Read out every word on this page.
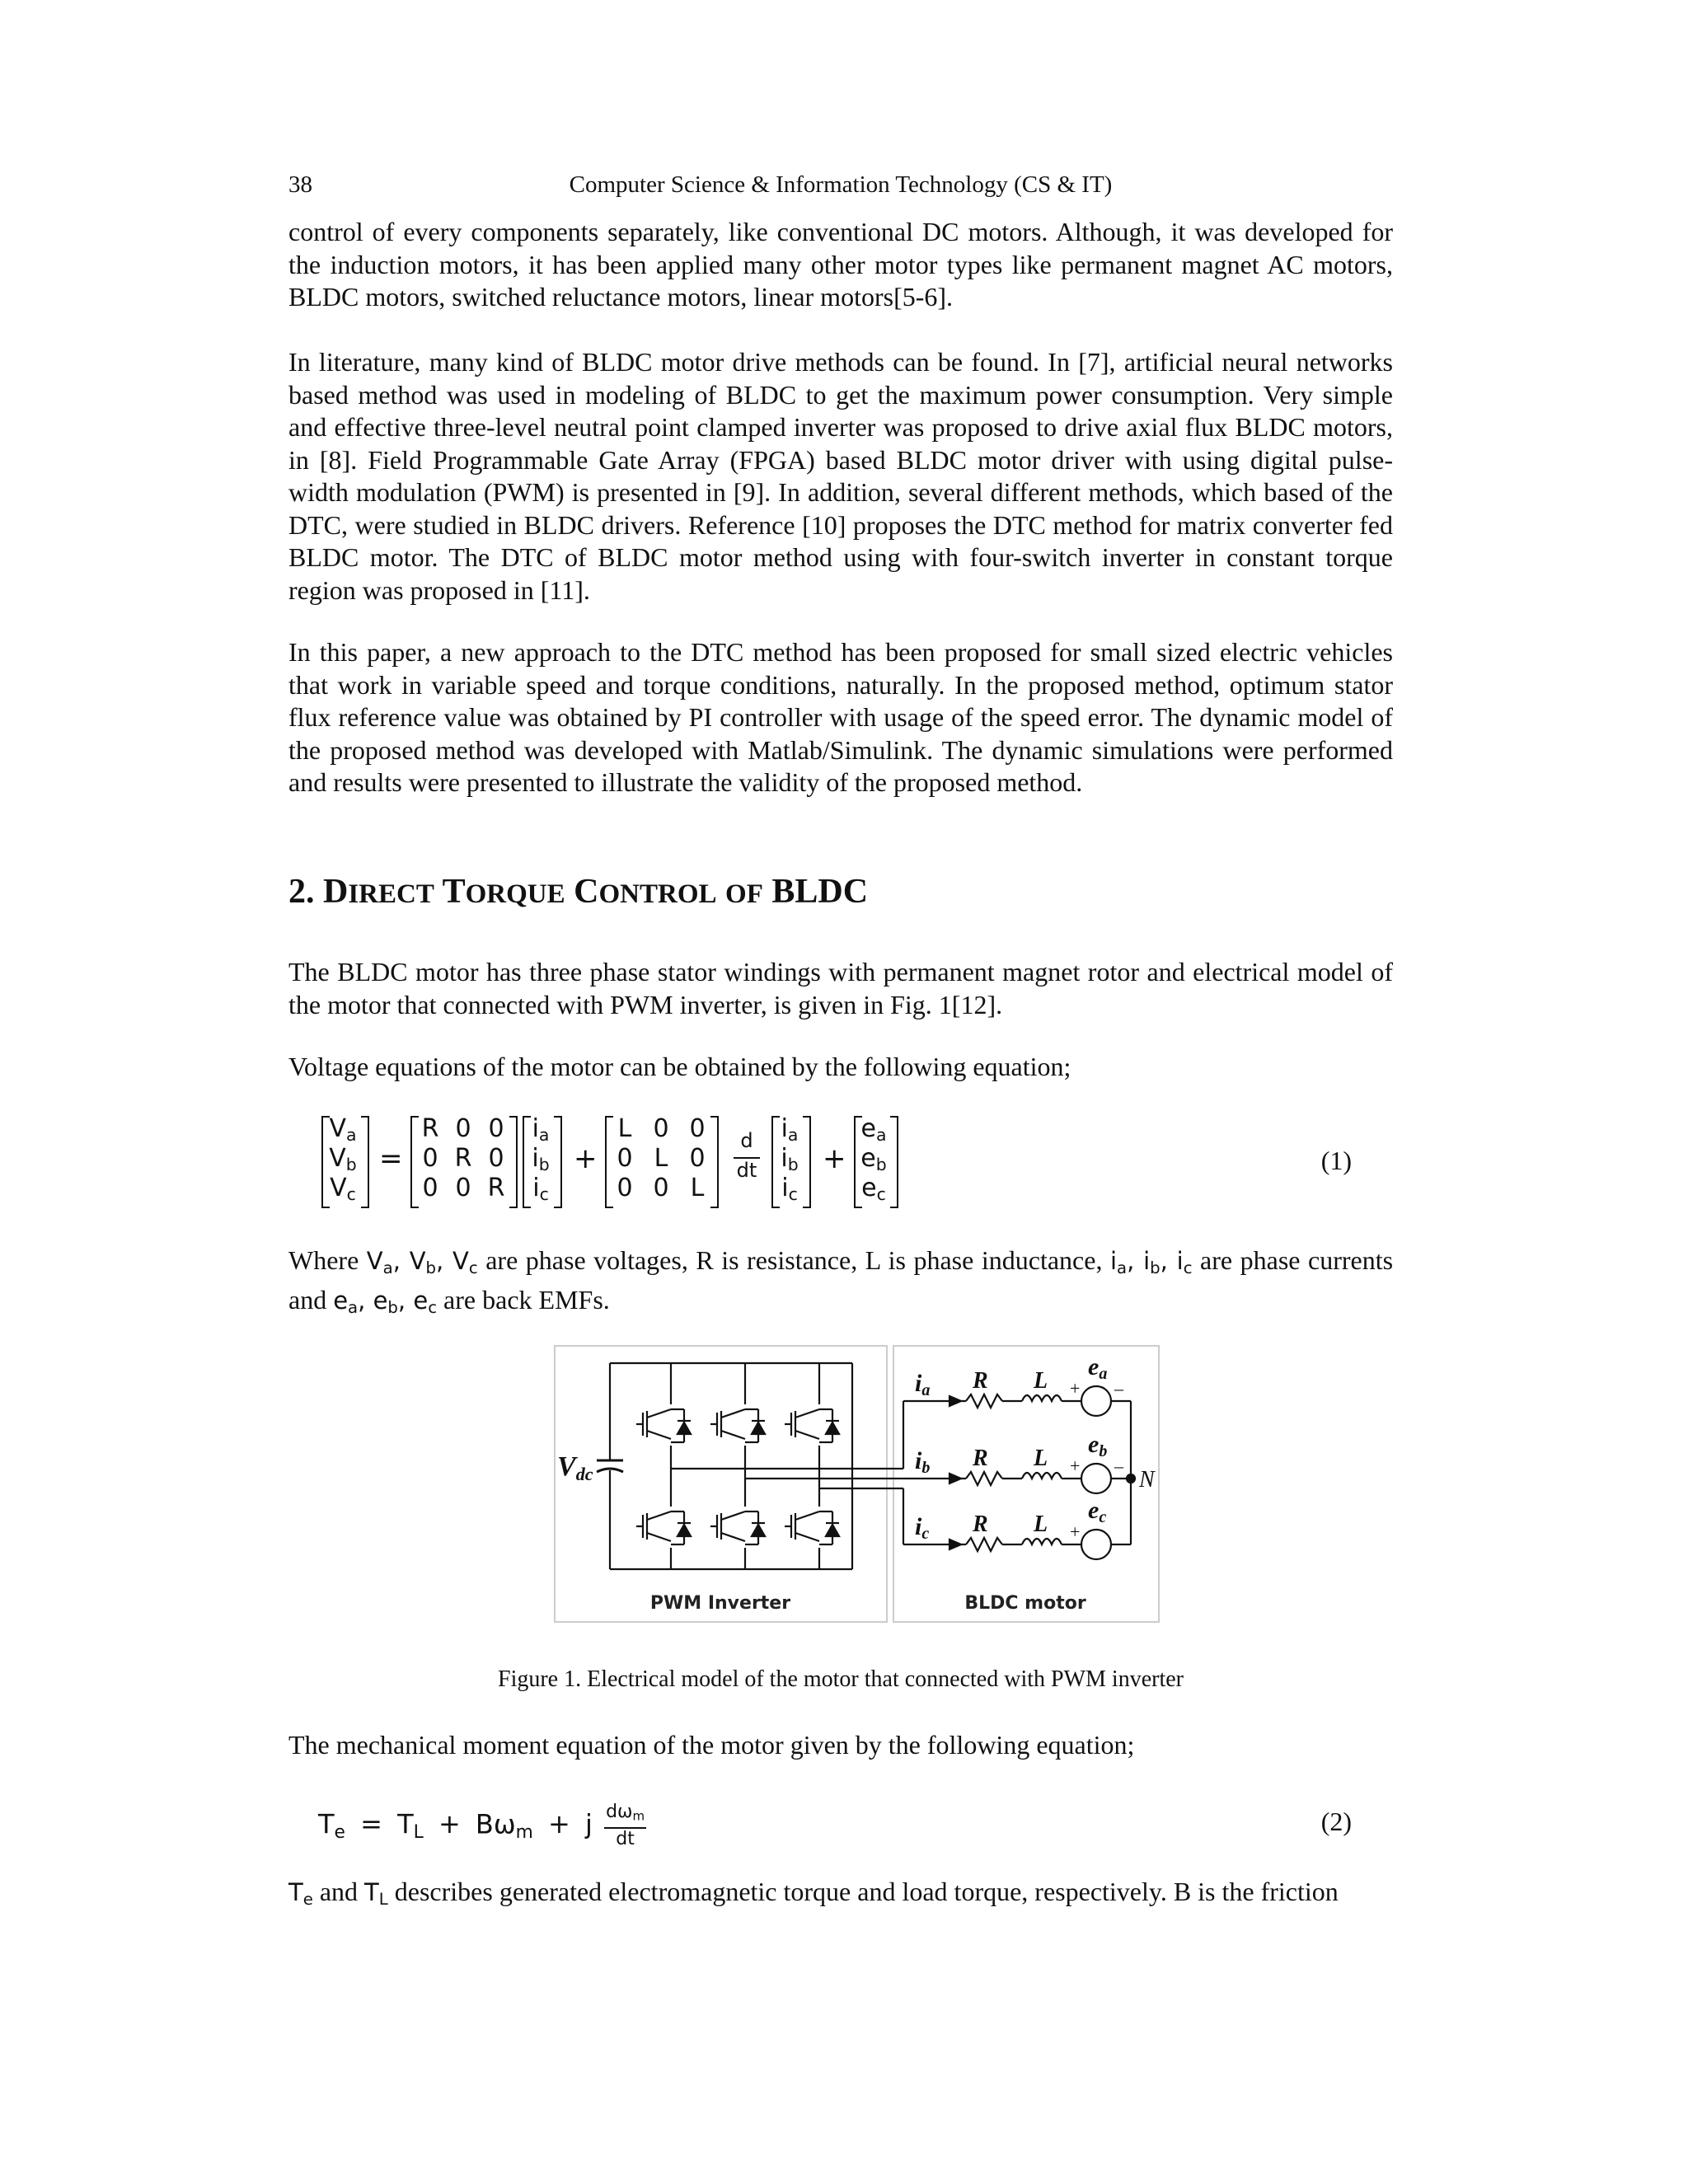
38	Computer Science & Information Technology (CS & IT)

control of every components separately, like conventional DC motors. Although, it was developed for the induction motors, it has been applied many other motor types like permanent magnet AC motors, BLDC motors, switched reluctance motors, linear motors[5-6].

In literature, many kind of BLDC motor drive methods can be found. In [7], artificial neural networks based method was used in modeling of BLDC to get the maximum power consumption. Very simple and effective three-level neutral point clamped inverter was proposed to drive axial flux BLDC motors, in [8]. Field Programmable Gate Array (FPGA) based BLDC motor driver with using digital pulse-width modulation (PWM) is presented in [9]. In addition, several different methods, which based of the DTC, were studied in BLDC drivers. Reference [10] proposes the DTC method for matrix converter fed BLDC motor. The DTC of BLDC motor method using with four-switch inverter in constant torque region was proposed in [11].

In this paper, a new approach to the DTC method has been proposed for small sized electric vehicles that work in variable speed and torque conditions, naturally. In the proposed method, optimum stator flux reference value was obtained by PI controller with usage of the speed error. The dynamic model of the proposed method was developed with Matlab/Simulink. The dynamic simulations were performed and results were presented to illustrate the validity of the proposed method.

2. DIRECT TORQUE CONTROL OF BLDC

The BLDC motor has three phase stator windings with permanent magnet rotor and electrical model of the motor that connected with PWM inverter, is given in Fig. 1[12].

Voltage equations of the motor can be obtained by the following equation;

$V_a$
$V_b$
$V_c$
=
R 0 0
0 R 0
0 0 R
$i_a$
$i_b$
$i_c$
+
L 0 0
0 L 0
0 0 L
d
dt
$i_a$
$i_b$
$i_c$
+
$e_a$
$e_b$
$e_c$
(1)

Where $V_a$, $V_b$, $V_c$ are phase voltages, R is resistance, L is phase inductance, $i_a$, $i_b$, $i_c$ are phase currents and $e_a$, $e_b$, $e_c$ are back EMFs.

Vdc
ia
ib
ic
R
R
R
L
L
L
ea
eb
ec
+ –
+ –
+
N
PWM Inverter	BLDC motor
Figure 1. Electrical model of the motor that connected with PWM inverter

The mechanical moment equation of the motor given by the following equation;

$T_e = T_L + B\omega_m + j$ $d\omega_m$
dt
(2)

$T_e$ and $T_L$ describes generated electromagnetic torque and load torque, respectively. B is the friction
